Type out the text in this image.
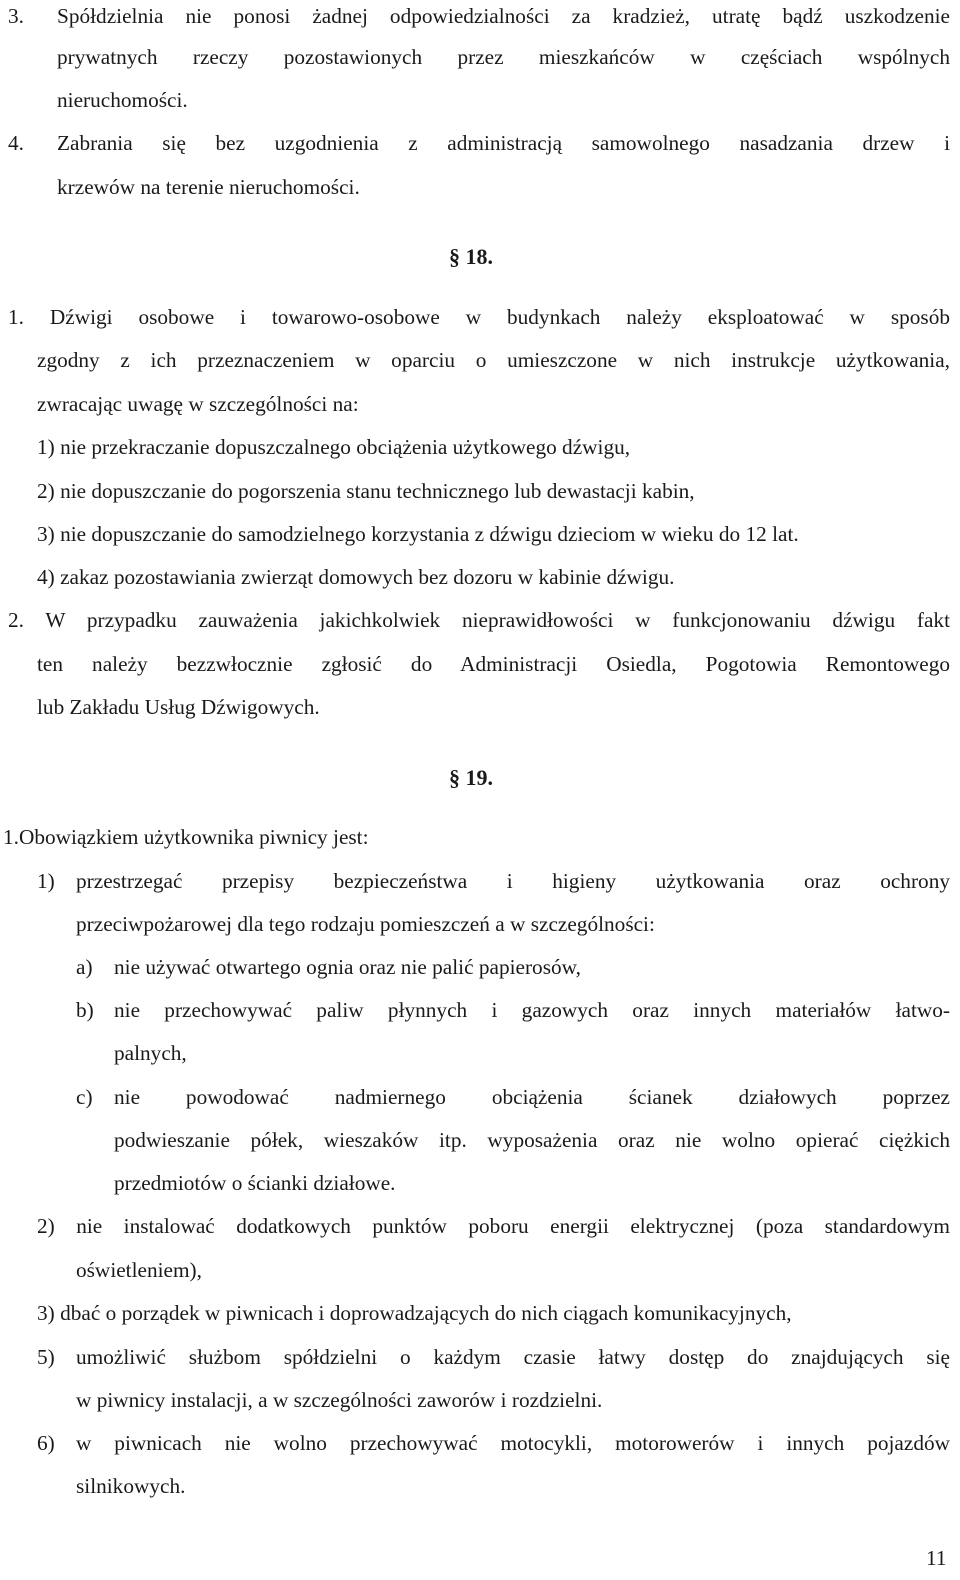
3. Spółdzielnia nie ponosi żadnej odpowiedzialności za kradzież, utratę bądź uszkodzenie
prywatnych rzeczy pozostawionych przez mieszkańców w częściach wspólnych
nieruchomości.
4. Zabrania się bez uzgodnienia z administracją samowolnego nasadzania drzew i
krzewów na terenie nieruchomości.
§ 18.
1. Dźwigi osobowe i towarowo-osobowe w budynkach należy eksploatować w sposób
zgodny z ich przeznaczeniem w oparciu o umieszczone w nich instrukcje użytkowania,
zwracając uwagę w szczególności na:
1) nie przekraczanie dopuszczalnego obciążenia użytkowego dźwigu,
2) nie dopuszczanie do pogorszenia stanu technicznego lub dewastacji kabin,
3) nie dopuszczanie do samodzielnego korzystania z dźwigu dzieciom w wieku do 12 lat.
4) zakaz pozostawiania zwierząt domowych bez dozoru w kabinie dźwigu.
2. W przypadku zauważenia jakichkolwiek nieprawidłowości w funkcjonowaniu dźwigu fakt
ten należy bezzwłocznie zgłosić do Administracji Osiedla, Pogotowia Remontowego
lub Zakładu Usług Dźwigowych.
§ 19.
1.Obowiązkiem użytkownika piwnicy jest:
1) przestrzegać przepisy bezpieczeństwa i higieny użytkowania oraz ochrony
przeciwpożarowej dla tego rodzaju pomieszczeń a w szczególności:
a) nie używać otwartego ognia oraz nie palić papierosów,
b) nie przechowywać paliw płynnych i gazowych oraz innych materiałów łatwo-
palnych,
c) nie powodować nadmiernego obciążenia ścianek działowych poprzez
podwieszanie półek, wieszaków itp. wyposażenia oraz nie wolno opierać ciężkich
przedmiotów o ścianki działowe.
2) nie instalować dodatkowych punktów poboru energii elektrycznej (poza standardowym
oświetleniem),
3) dbać o porządek w piwnicach i doprowadzających do nich ciągach komunikacyjnych,
5) umożliwić służbom spółdzielni o każdym czasie łatwy dostęp do znajdujących się
w piwnicy instalacji, a w szczególności zaworów i rozdzielni.
6) w piwnicach nie wolno przechowywać motocykli, motorowerów i innych pojazdów
silnikowych.
11
